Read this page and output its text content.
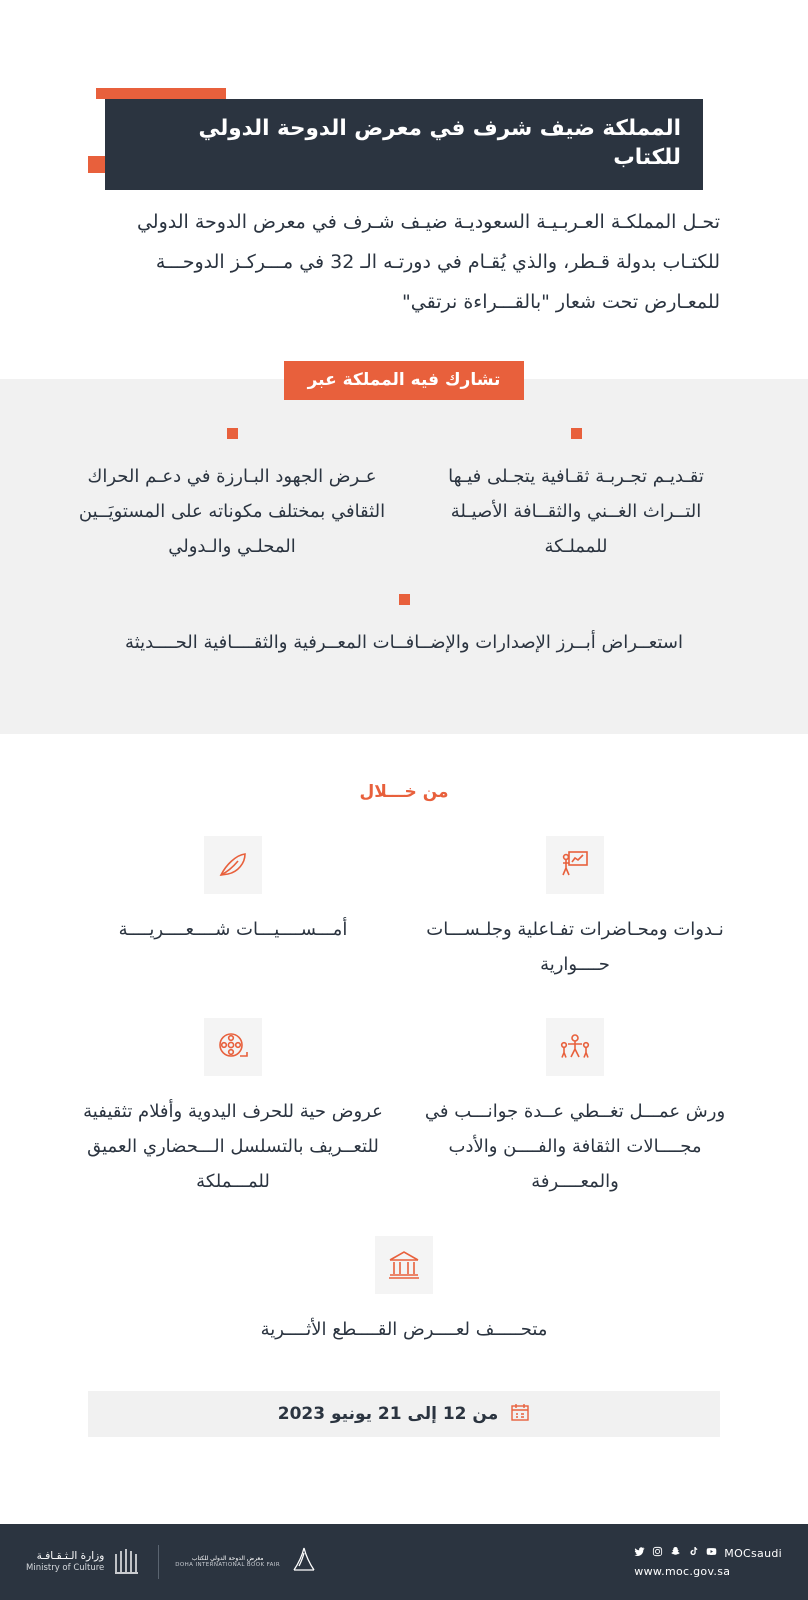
المملكة ضيف شرف في معرض الدوحة الدولي للكتاب
تحـل المملكـة العـربـيـة السعوديـة ضيـف شـرف في معرض الدوحة الدولي للكتـاب بدولة قـطر، والذي يُقـام في دورتـه الـ 32 في مـــركـز الدوحـــة للمعـارض تحت شعار "بالقـــراءة نرتقي"
تشارك فيه المملكة عبر
تقـديـم تجـربـة ثقـافية يتجـلى فيـها التــراث الغــني والثقــافة الأصيـلة للمملـكة
عـرض الجهود البـارزة في دعـم الحراك الثقافي بمختلف مكوناته على المستويَــين المحلـي والـدولي
استعــراض أبــرز الإصدارات والإضــافــات المعــرفية والثقــــافية الحــــديثة
من خـــلال
نـدوات ومحـاضرات تفـاعلية وجلـســـات حــــوارية
أمـــســــيـــات شــــعــــريــــة
ورش عمـــل تغــطي عــدة جوانـــب في مجــــالات الثقافة والفــــن والأدب والمعــــرفة
عروض حية للحرف اليدوية وأفلام تثقيفية للتعــريف بالتسلسل الـــحضاري العميق للمـــملكة
متحـــــف لعــــرض القــــطع الأثــــرية
من 12 إلى 21 يونيو 2023
MOCsaudi
www.moc.gov.sa
معرض الدوحة الدولي للكتاب
DOHA INTERNATIONAL BOOK FAIR
وزارة الـثـقـافـة
Ministry of Culture
